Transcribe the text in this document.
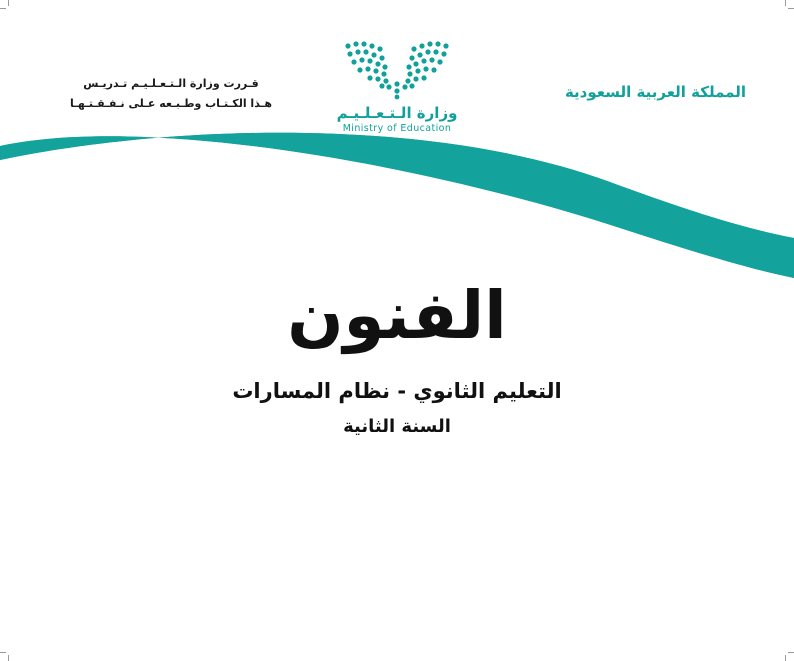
المملكة العربية السعودية
قـررت وزارة الـتـعـلـيـم تـدريـس
هـذا الكـتـاب وطـبـعه عـلى نـفـقـتـهـا
وزارة الـتـعـلـيـم
Ministry of Education
الفنون
التعليم الثانوي - نظام المسارات
السنة الثانية
